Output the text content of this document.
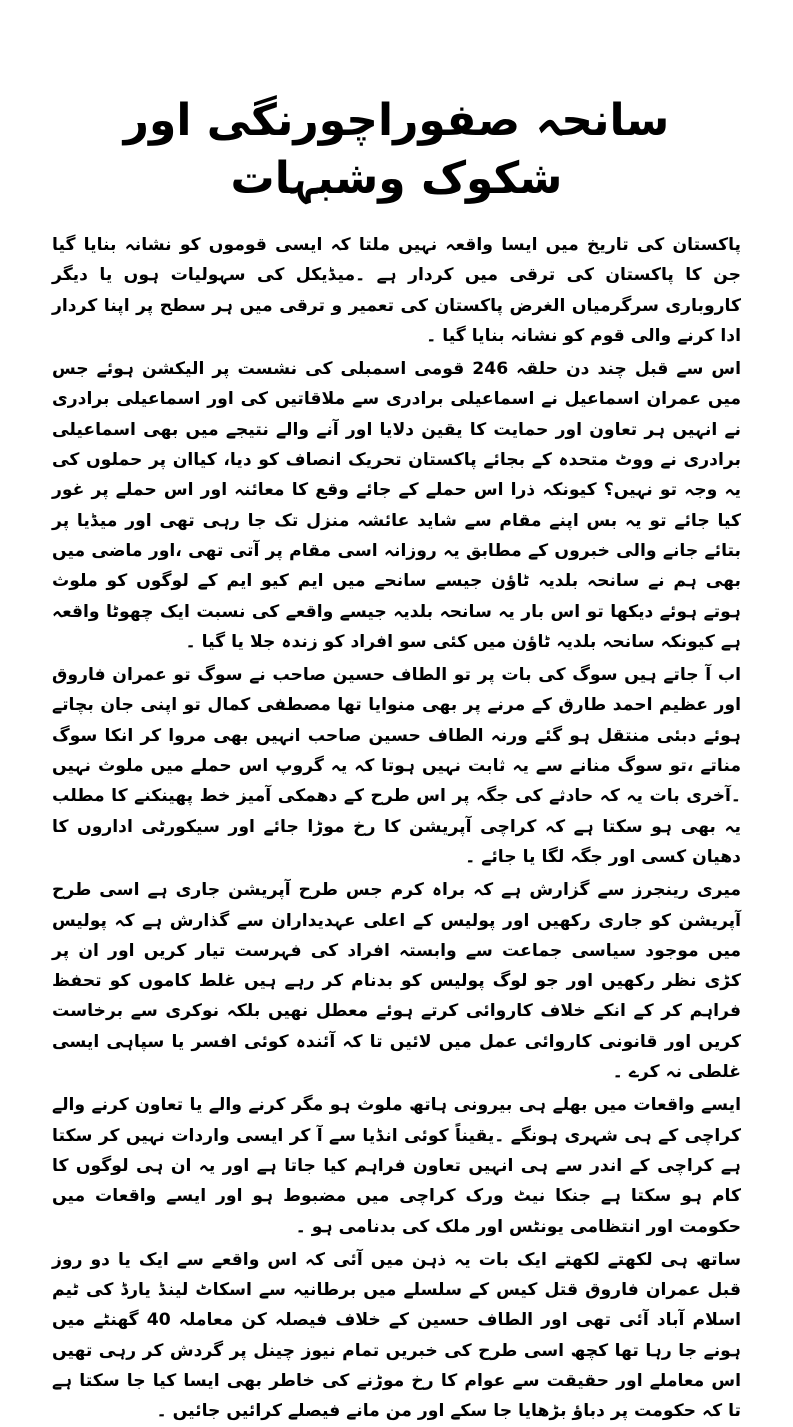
سانحہ صفوراچورنگی اور شکوک وشبہات

پاکستان کی تاریخ میں ایسا واقعہ نہیں ملتا کہ ایسی قوموں کو نشانہ بنایا گیا جن کا پاکستان کی ترقی میں کردار ہے ۔میڈیکل کی سہولیات ہوں یا دیگر کاروباری سرگرمیاں الغرض پاکستان کی تعمیر و ترقی میں ہر سطح پر اپنا کردار ادا کرنے والی قوم کو نشانہ بنایا گیا ۔

اس سے قبل چند دن حلقہ 246 قومی اسمبلی کی نشست پر الیکشن ہوئے جس میں عمران اسماعیل نے اسماعیلی برادری سے ملاقاتیں کی اور اسماعیلی برادری نے انہیں ہر تعاون اور حمایت کا یقین دلایا اور آنے والے نتیجے میں بھی اسماعیلی برادری نے ووٹ متحدہ کے بجائے پاکستان تحریک انصاف کو دیا، کیاان پر حملوں کی یہ وجہ تو نہیں؟ کیونکہ ذرا اس حملے کے جائے وقع کا معائنہ اور اس حملے پر غور کیا جائے تو یہ بس اپنے مقام سے شاید عائشہ منزل تک جا رہی تھی اور میڈیا پر بتائے جانے والی خبروں کے مطابق یہ روزانہ اسی مقام پر آتی تھی ،اور ماضی میں بھی ہم نے سانحہ بلدیہ ٹاؤن جیسے سانحے میں ایم کیو ایم کے لوگوں کو ملوث ہوتے ہوئے دیکھا تو اس بار یہ سانحہ بلدیہ جیسے واقعے کی نسبت ایک چھوٹا واقعہ ہے کیونکہ سانحہ بلدیہ ٹاؤن میں کئی سو افراد کو زندہ جلا یا گیا ۔

اب آ جاتے ہیں سوگ کی بات پر تو الطاف حسین صاحب نے سوگ تو عمران فاروق اور عظیم احمد طارق کے مرنے پر بھی منوایا تھا مصطفی کمال تو اپنی جان بچاتے ہوئے دبئی منتقل ہو گئے ورنہ الطاف حسین صاحب انہیں بھی مروا کر انکا سوگ مناتے ،تو سوگ منانے سے یہ ثابت نہیں ہوتا کہ یہ گروپ اس حملے میں ملوث نہیں ۔آخری بات یہ کہ حادثے کی جگہ پر اس طرح کے دھمکی آمیز خط پھینکنے کا مطلب یہ بھی ہو سکتا ہے کہ کراچی آپریشن کا رخ موڑا جائے اور سیکورٹی اداروں کا دھیان کسی اور جگہ لگا یا جائے ۔

میری رینجرز سے گزارش ہے کہ براہ کرم جس طرح آپریشن جاری ہے اسی طرح آپریشن کو جاری رکھیں اور پولیس کے اعلی عہدیداران سے گذارش ہے کہ پولیس میں موجود سیاسی جماعت سے وابستہ افراد کی فہرست تیار کریں اور ان پر کڑی نظر رکھیں اور جو لوگ پولیس کو بدنام کر رہے ہیں غلط کاموں کو تحفظ فراہم کر کے انکے خلاف کاروائی کرتے ہوئے معطل نھیں بلکہ نوکری سے برخاست کریں اور قانونی کاروائی عمل میں لائیں تا کہ آئندہ کوئی افسر یا سپاہی ایسی غلطی نہ کرے ۔

ایسے واقعات میں بھلے ہی بیرونی ہاتھ ملوث ہو مگر کرنے والے یا تعاون کرنے والے کراچی کے ہی شہری ہونگے ۔یقیناً کوئی انڈیا سے آ کر ایسی واردات نہیں کر سکتا ہے کراچی کے اندر سے ہی انہیں تعاون فراہم کیا جاتا ہے اور یہ ان ہی لوگوں کا کام ہو سکتا ہے جنکا نیٹ ورک کراچی میں مضبوط ہو اور ایسے واقعات میں حکومت اور انتظامی یونٹس اور ملک کی بدنامی ہو ۔

ساتھ ہی لکھتے لکھتے ایک بات یہ ذہن میں آئی کہ اس واقعے سے ایک یا دو روز قبل عمران فاروق قتل کیس کے سلسلے میں برطانیہ سے اسکاٹ لینڈ یارڈ کی ٹیم اسلام آباد آئی تھی اور الطاف حسین کے خلاف فیصلہ کن معاملہ 40 گھنٹے میں ہونے جا رہا تھا کچھ اسی طرح کی خبریں تمام نیوز چینل پر گردش کر رہی تھیں اس معاملے اور حقیقت سے عوام کا رخ موڑنے کی خاطر بھی ایسا کیا جا سکتا ہے تا کہ حکومت پر دباؤ بڑھایا جا سکے اور من مانے فیصلے کرائیں جائیں ۔
